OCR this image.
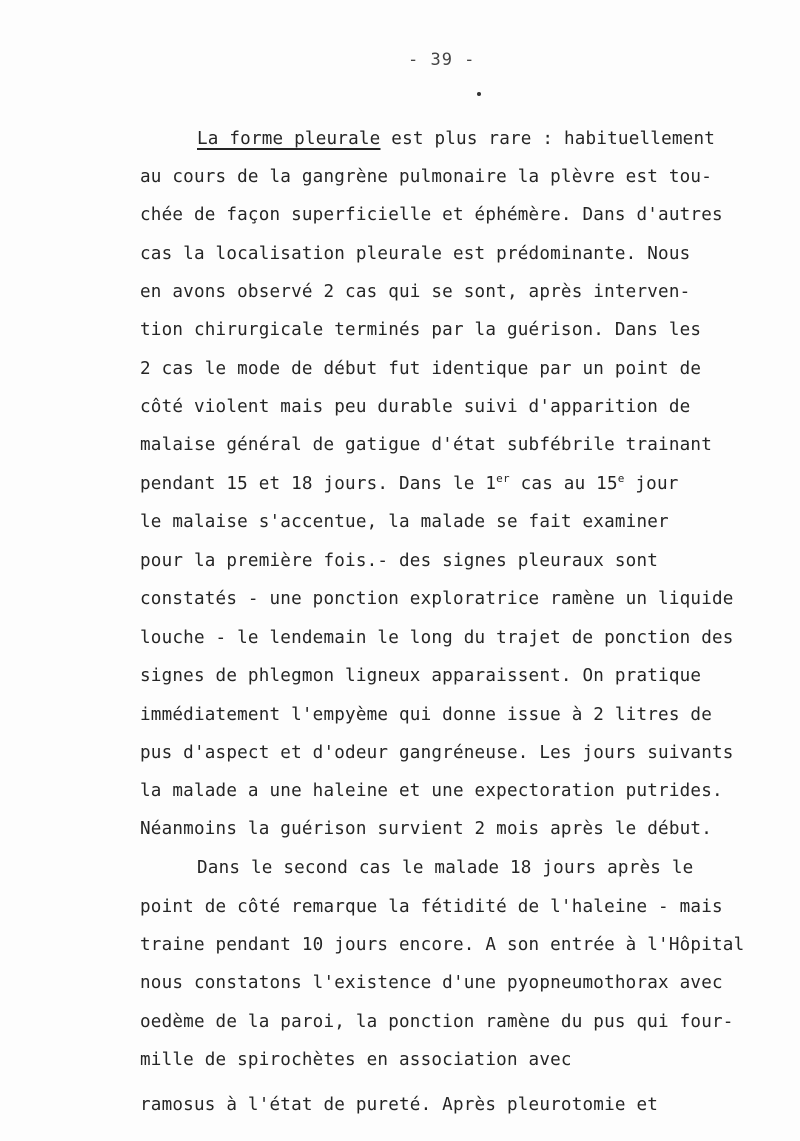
- 39 -
La forme pleurale est plus rare : habituellement
au cours de la gangrène pulmonaire la plèvre est tou-
chée de façon superficielle et éphémère. Dans d'autres
cas la localisation pleurale est prédominante. Nous
en avons observé 2 cas qui se sont, après interven-
tion chirurgicale terminés par la guérison. Dans les
2 cas le mode de début fut identique par un point de
côté violent mais peu durable suivi d'apparition de
malaise général de gatigue d'état subfébrile trainant
pendant 15 et 18 jours. Dans le 1er cas au 15e jour
le malaise s'accentue, la malade se fait examiner
pour la première fois.- des signes pleuraux sont
constatés - une ponction exploratrice ramène un liquide
louche - le lendemain le long du trajet de ponction des
signes de phlegmon ligneux apparaissent. On pratique
immédiatement l'empyème qui donne issue à 2 litres de
pus d'aspect et d'odeur gangréneuse. Les jours suivants
la malade a une haleine et une expectoration putrides.
Néanmoins la guérison survient 2 mois après le début.
Dans le second cas le malade 18 jours après le
point de côté remarque la fétidité de l'haleine - mais
traine pendant 10 jours encore. A son entrée à l'Hôpital
nous constatons l'existence d'une pyopneumothorax avec
oedème de la paroi, la ponction ramène du pus qui four-
mille de spirochètes en association avec
ramosus à l'état de pureté. Après pleurotomie et
